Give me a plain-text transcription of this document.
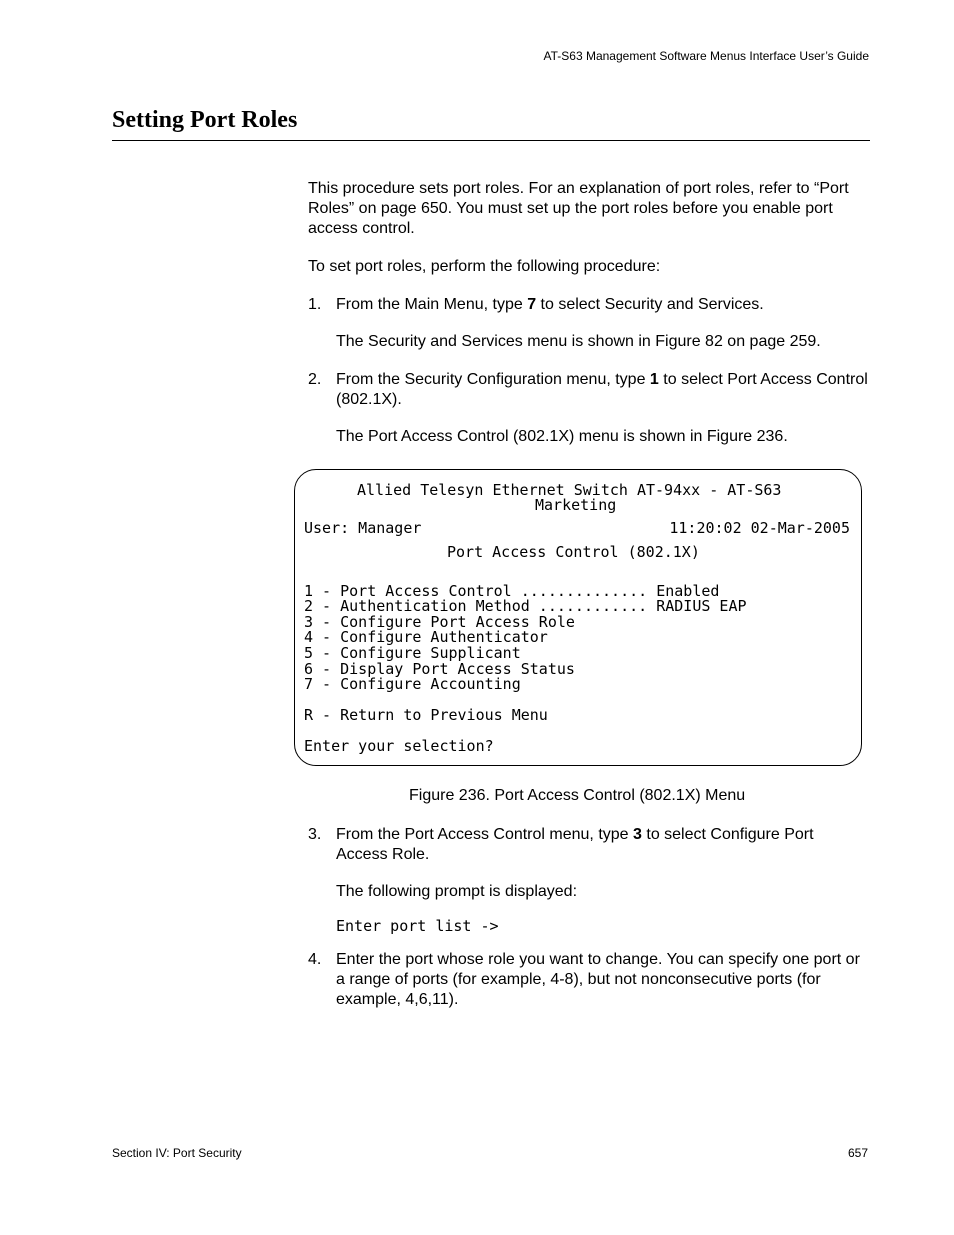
AT-S63 Management Software Menus Interface User’s Guide
Setting Port Roles

This procedure sets port roles. For an explanation of port roles, refer to “Port Roles” on page 650. You must set up the port roles before you enable port access control.

To set port roles, perform the following procedure:

1. From the Main Menu, type 7 to select Security and Services.

The Security and Services menu is shown in Figure 82 on page 259.

2. From the Security Configuration menu, type 1 to select Port Access Control (802.1X).

The Port Access Control (802.1X) menu is shown in Figure 236.

Allied Telesyn Ethernet Switch AT-94xx - AT-S63
Marketing
User: Manager	11:20:02 02-Mar-2005
Port Access Control (802.1X)
1 - Port Access Control .............. Enabled
2 - Authentication Method ............ RADIUS EAP
3 - Configure Port Access Role
4 - Configure Authenticator
5 - Configure Supplicant
6 - Display Port Access Status
7 - Configure Accounting
R - Return to Previous Menu
Enter your selection?
Figure 236. Port Access Control (802.1X) Menu
3. From the Port Access Control menu, type 3 to select Configure Port Access Role.

The following prompt is displayed:

Enter port list ->
4. Enter the port whose role you want to change. You can specify one port or a range of ports (for example, 4-8), but not nonconsecutive ports (for example, 4,6,11).
Section IV: Port Security	657
